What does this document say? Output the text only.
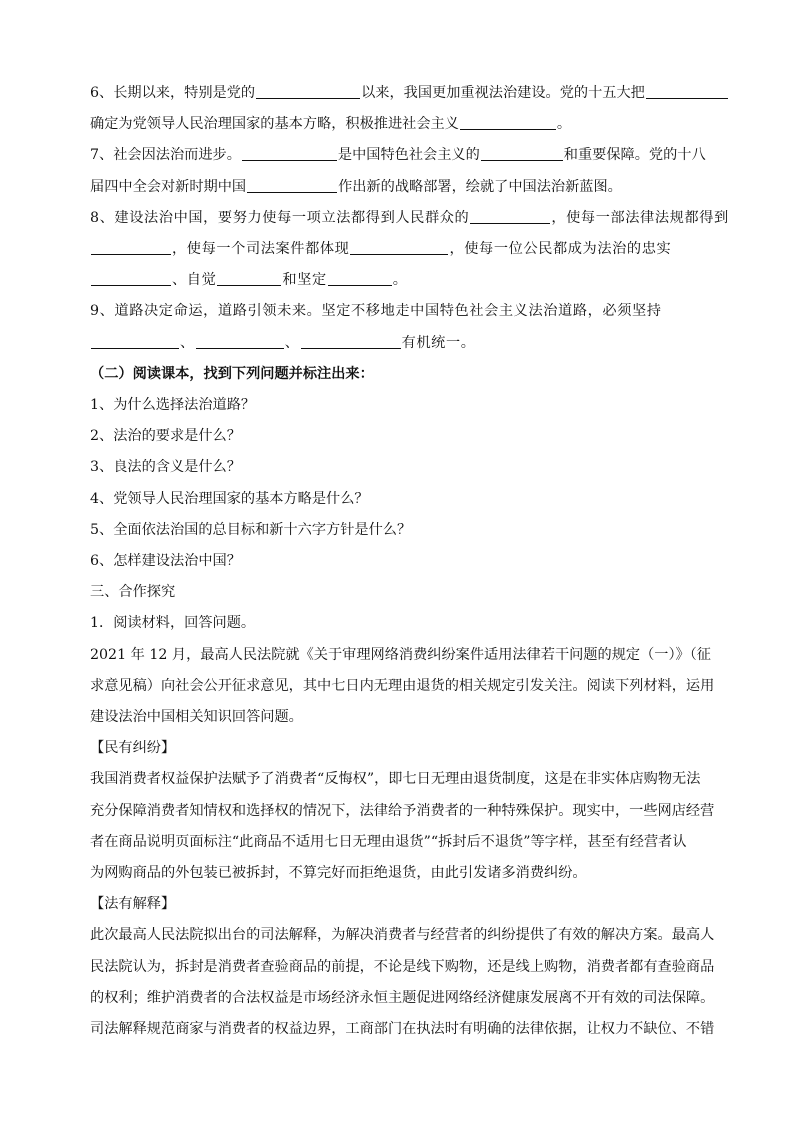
6、长期以来，特别是党的	以来，我国更加重视法治建设。党的十五大把
确定为党领导人民治理国家的基本方略，积极推进社会主义	。
7、社会因法治而进步。	是中国特色社会主义的	和重要保障。党的十八
届四中全会对新时期中国	作出新的战略部署，绘就了中国法治新蓝图。
8、建设法治中国，要努力使每一项立法都得到人民群众的	，使每一部法律法规都得到
，使每一个司法案件都体现	，使每一位公民都成为法治的忠实
、自觉	和坚定	。
9、道路决定命运，道路引领未来。坚定不移地走中国特色社会主义法治道路，必须坚持
、	、	有机统一。
（二）阅读课本，找到下列问题并标注出来：
1、为什么选择法治道路？
2、法治的要求是什么？
3、良法的含义是什么？
4、党领导人民治理国家的基本方略是什么？
5、全面依法治国的总目标和新十六字方针是什么？
6、怎样建设法治中国？
三、合作探究
1．阅读材料，回答问题。
2021 年 12 月，最高人民法院就《关于审理网络消费纠纷案件适用法律若干问题的规定（一）》（征
求意见稿）向社会公开征求意见，其中七日内无理由退货的相关规定引发关注。阅读下列材料，运用
建设法治中国相关知识回答问题。
【民有纠纷】
我国消费者权益保护法赋予了消费者“反悔权”，即七日无理由退货制度，这是在非实体店购物无法
充分保障消费者知情权和选择权的情况下，法律给予消费者的一种特殊保护。现实中，一些网店经营
者在商品说明页面标注“此商品不适用七日无理由退货”“拆封后不退货”等字样，甚至有经营者认
为网购商品的外包装已被拆封，不算完好而拒绝退货，由此引发诸多消费纠纷。
【法有解释】
此次最高人民法院拟出台的司法解释，为解决消费者与经营者的纠纷提供了有效的解决方案。最高人
民法院认为，拆封是消费者查验商品的前提，不论是线下购物，还是线上购物，消费者都有查验商品
的权利；维护消费者的合法权益是市场经济永恒主题促进网络经济健康发展离不开有效的司法保障。
司法解释规范商家与消费者的权益边界，工商部门在执法时有明确的法律依据，让权力不缺位、不错
